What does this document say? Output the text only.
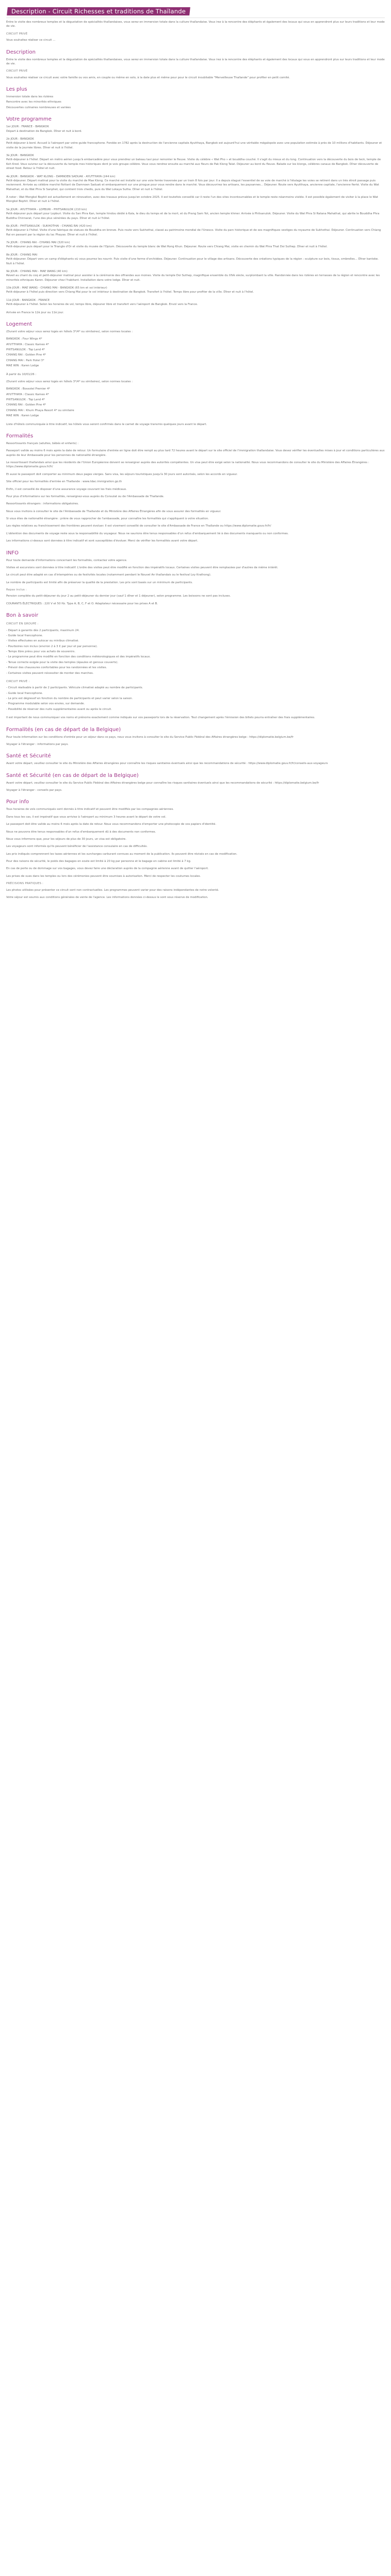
Description - Circuit Richesses et traditions de Thaïlande

Entre le visite des nombreux temples et la dégustation de spécialités thaïlandaises, vous serez en immersion totale dans la culture thaïlandaise. Vous irez à la rencontre des éléphants et également des locaux qui vous en apprendront plus sur leurs traditions et leur mode de vie.

CIRCUIT PRIVÉ

Vous souhaitez réaliser ce circuit ...

Description

Entre le visite des nombreux temples et la dégustation de spécialités thaïlandaises, vous serez en immersion totale dans la culture thaïlandaise. Vous irez à la rencontre des éléphants et également des locaux qui vous en apprendront plus sur leurs traditions et leur mode de vie.

CIRCUIT PRIVÉ

Vous souhaitez réaliser ce circuit avec votre famille ou vos amis, en couple ou même en solo, à la date plus et même pour pour le circuit inoubliable "Merveilleuse Thaïlande" pour profiter en petit comité.

Les plus
Immersion totale dans les rizières
Rencontre avec les minorités ethniques
Découvertes culinaires nombreuses et variées
Votre programme
1er JOUR : FRANCE - BANGKOK
Départ à destination de Bangkok. Dîner et nuit à bord.
2è JOUR : BANGKOK
Petit-déjeuner à bord. Accueil à l'aéroport par votre guide francophone. Fondée en 1782 après la destruction de l'ancienne capitale Ayutthaya, Bangkok est aujourd'hui une véritable mégalopole avec une population estimée à près de 10 millions d'habitants. Déjeuner et visite de la journée libres. Dîner et nuit à l'hôtel.
3è JOUR : BANGKOK
Petit-déjeuner à l'hôtel. Départ en métro aérien jusqu'à embarcadère pour vous prendrez un bateau taxi pour remonter le fleuve. Visite du célèbre « Wat Pho » et bouddha couché. Il s'agit du mieux et du long. Continuation vers la découverte du bois de teck, temple de Koh Kred. Vous suivrez sur la découverte du temple mes historiques dont je vois groupe célèbre. Vous vous rendrez ensuite au marché aux fleurs de Pak Klong Talat. Déjeuner au bord du fleuve. Balade sur les klongs, célèbres canaux de Bangkok. Dîner découverte de street food. Retour à l'hôtel et nuit.
4è JOUR : BANGKOK - WAT KLONG - DAMNOEN SADUAK - AYUTTHAYA (244 km)
Petit-déjeuner. Départ matinal pour la visite du marché de Mae Klong. Ce marché est installé sur une voie ferrée traversée par un train 8 fois par jour. Il a depuis élagué l'essentiel de sa voie de marché à l'étalage les voies se retirent dans un très étroit passage puis reviennent. Arrivée au célèbre marché flottant de Damnoen Saduak et embarquement sur une pirogue pour vous rendre dans le marché. Vous découvrirez les artisans, les paysannes... Déjeuner. Route vers Ayutthaya, ancienne capitale, l'ancienne fierté. Visite du Wat Mahathat, et du Wat Phra Si Sanphet, qui contient trois chedis, puis du Wat Lokaya Sutha. Dîner et nuit à l'hôtel.
À noter : Wat Mongkol Bophit est actuellement en rénovation, avec des travaux prévus jusqu'en octobre 2025. Il est toutefois conseillé car il reste l'un des sites incontournables et le temple reste néanmoins visible. Il est possible également de visiter à la place le Wat Mongkol Bophit. Dîner et nuit à l'hôtel.
5è JOUR : AYUTTHAYA - LOPBURI - PHITSANULOK (210 km)
Petit-déjeuner puis départ pour Lopburi. Visite du San Phra Kan, temple hindou dédié à Kala, le dieu du temps et de la mort, et du Prang Sam Yot, ancien temple khmer. Arrivée à Phitsanulok. Déjeuner. Visite du Wat Phra Si Ratana Mahathat, qui abrite le Bouddha Phra Buddha Chinnarat, l'une des plus vénérées du pays. Dîner et nuit à l'hôtel.
6è JOUR : PHITSANULOK - SUKHOTHAI - CHIANG RAI (420 km)
Petit-déjeuner à l'hôtel. Visite d'une fabrique de statues de Bouddha en bronze. Puis route vers Sukhothai, classé au patrimoine mondial de l'Unesco. Visite du parc historique et de ses magnifiques vestiges du royaume de Sukhothai. Déjeuner. Continuation vers Chiang Rai en passant par la région du lac Phayao. Dîner et nuit à l'hôtel.
7è JOUR : CHIANG RAI - CHIANG MAI (320 km)
Petit-déjeuner puis départ pour le Triangle d'Or et visite du musée de l'Opium. Découverte du temple blanc de Wat Rong Khun. Déjeuner. Route vers Chiang Mai, visite en chemin du Wat Phra That Doi Suthep. Dîner et nuit à l'hôtel.
8è JOUR : CHIANG MAI
Petit-déjeuner. Départ vers un camp d'éléphants où vous pourrez les nourrir. Puis visite d'une ferme d'orchidées. Déjeuner. Continuation pour le village des artisans. Découverte des créations typiques de la région : sculpture sur bois, tissus, ombrelles... Dîner kantoke. Nuit à l'hôtel.
9è JOUR : CHIANG MAI - MAE WANG (40 km)
Réveil au chant du coq et petit-déjeuner matinal pour assister à la cérémonie des offrandes aux moines. Visite du temple Doi Suthep, magnifique ensemble du XIVè siècle, surplombant la ville. Randonnée dans les rizières en terrasses de la région et rencontre avec les minorités ethniques Karen. Déjeuner chez l'habitant. Installation dans votre lodge. Dîner et nuit.
10è JOUR : MAE WANG - CHIANG MAI - BANGKOK (65 km et vol intérieur)
Petit-déjeuner à l'hôtel puis direction vers Chiang Mai pour le vol intérieur à destination de Bangkok. Transfert à l'hôtel. Temps libre pour profiter de la ville. Dîner et nuit à l'hôtel.
11è JOUR : BANGKOK - FRANCE
Petit-déjeuner à l'hôtel. Selon les horaires de vol, temps libre, déjeuner libre et transfert vers l'aéroport de Bangkok. Envol vers la France.
Arrivée en France le 12è jour ou 11è jour.
Logement

(Durant votre séjour vous serez logés en hôtels 3*/4* ou similaires), selon normes locales :

BANGKOK : Four Wings 4*
AYUTTHAYA : Classic Kameo 4*
PHITSANULOK : Top Land 4*
CHIANG RAI : Golden Pine 4*
CHIANG MAI : Park Hotel 3*
MAE WIN : Karen Lodge

À partir du 10/01/26 :

(Durant votre séjour vous serez logés en hôtels 3*/4* ou similaires), selon normes locales :

BANGKOK : Bossotel Premier 4*
AYUTTHAYA : Classic Kameo 4*
PHITSANULOK : Top Land 4*
CHIANG RAI : Golden Pine 4*
CHIANG MAI : Khum Phaya Resort 4* ou similaire
MAE WIN : Karen Lodge

Liste d'hôtels communiquée à titre indicatif, les hôtels vous seront confirmés dans le carnet de voyage transmis quelques jours avant le départ.

Formalités

Ressortissants français (adultes, bébés et enfants) :

Passeport valide au moins 6 mois après la date de retour. Un formulaire d'entrée en ligne doit être rempli au plus tard 72 heures avant le départ sur le site officiel de l'immigration thaïlandaise. Vous devez vérifier les éventuelles mises à jour et conditions particulières aux auprès de leur Ambassade pour les personnes de nationalité étrangère.

Le ressortissant thaïlandais ainsi que les résidents de l'Union Européenne doivent se renseigner auprès des autorités compétentes. Un visa peut être exigé selon la nationalité. Nous vous recommandons de consulter le site du Ministère des Affaires Étrangères : https://www.diplomatie.gouv.fr/fr/

Et aussi le passeport doit comporter au minimum deux pages vierges. Sans visa, les séjours touristiques jusqu'à 30 jours sont autorisés, selon les accords en vigueur.

Site officiel pour les formalités d'entrée en Thaïlande : www.tdac.immigration.go.th

Enfin, il est conseillé de disposer d'une assurance voyage couvrant les frais médicaux.

Pour plus d'informations sur les formalités, renseignez-vous auprès du Consulat ou de l'Ambassade de Thaïlande.

Ressortissants étrangers : informations obligatoires.

Nous vous invitons à consulter le site de l'Ambassade de Thaïlande et du Ministère des Affaires Étrangères afin de vous assurer des formalités en vigueur.

Si vous êtes de nationalité étrangère : prière de vous rapprocher de l'ambassade, pour connaître les formalités qui s'appliquent à votre situation.

Les règles relatives au franchissement des frontières peuvent évoluer. Il est vivement conseillé de consulter le site d'Ambassade de France en Thaïlande ou https://www.diplomatie.gouv.fr/fr/

L'obtention des documents de voyage reste sous la responsabilité du voyageur. Nous ne saurions être tenus responsables d'un refus d'embarquement lié à des documents manquants ou non conformes.

Les informations ci-dessus sont données à titre indicatif et sont susceptibles d'évoluer. Merci de vérifier les formalités avant votre départ.

INFO

Pour toute demande d'informations concernant les formalités, contactez votre agence.

Visites et excursions sont données à titre indicatif. L'ordre des visites peut être modifié en fonction des impératifs locaux. Certaines visites peuvent être remplacées par d'autres de même intérêt.

Le circuit peut être adapté en cas d'intempéries ou de festivités locales (notamment pendant le Nouvel An thaïlandais ou le festival Loy Krathong).

Le nombre de participants est limité afin de préserver la qualité de la prestation. Les prix sont basés sur un minimum de participants.

Repas inclus :

Pension complète du petit-déjeuner du jour 2 au petit-déjeuner du dernier jour (sauf 1 dîner et 1 déjeuner), selon programme. Les boissons ne sont pas incluses.

COURANTS ÉLECTRIQUES : 220 V et 50 Hz. Type A, B, C, F et O. Adaptateur nécessaire pour les prises A et B.

Bon à savoir
CIRCUIT EN GROUPE :
- Départ à garantis dès 2 participants, maximum 24.
- Guide local francophone.
- Visites effectuées en autocar ou minibus climatisé.
- Pourboires non inclus (environ 2 à 3 € par jour et par personne).
- Temps libre prévu pour vos achats de souvenirs.
- Le programme peut être modifié en fonction des conditions météorologiques et des impératifs locaux.
- Tenue correcte exigée pour la visite des temples (épaules et genoux couverts).
- Prévoir des chaussures confortables pour les randonnées et les visites.
- Certaines visites peuvent nécessiter de monter des marches.
CIRCUIT PRIVÉ :
- Circuit réalisable à partir de 2 participants. Véhicule climatisé adapté au nombre de participants.
- Guide local francophone.
- Le prix est dégressif en fonction du nombre de participants et peut varier selon la saison.
- Programme modulable selon vos envies, sur demande.
- Possibilité de réserver des nuits supplémentaires avant ou après le circuit.

Il est important de nous communiquer vos noms et prénoms exactement comme indiqués sur vos passeports lors de la réservation. Tout changement après l'émission des billets pourra entraîner des frais supplémentaires.

Formalités (en cas de départ de la Belgique)

Pour toute information sur les conditions d'entrée pour un séjour dans ce pays, nous vous invitons à consulter le site du Service Public Fédéral des Affaires étrangères belge : https://diplomatie.belgium.be/fr

Voyager à l'étranger : informations par pays.

Santé et Sécurité

Avant votre départ, veuillez consulter le site du Ministère des Affaires étrangères pour connaître les risques sanitaires éventuels ainsi que les recommandations de sécurité : https://www.diplomatie.gouv.fr/fr/conseils-aux-voyageurs

Santé et Sécurité (en cas de départ de la Belgique)

Avant votre départ, veuillez consulter le site du Service Public Fédéral des Affaires étrangères belge pour connaître les risques sanitaires éventuels ainsi que les recommandations de sécurité : https://diplomatie.belgium.be/fr

Voyager à l'étranger : conseils par pays.

Pour info

Tous horaires de vols communiqués sont donnés à titre indicatif et peuvent être modifiés par les compagnies aériennes.

Dans tous les cas, il est impératif que vous arriviez à l'aéroport au minimum 3 heures avant le départ de votre vol.

Le passeport doit être valide au moins 6 mois après la date de retour. Nous vous recommandons d'emporter une photocopie de vos papiers d'identité.

Nous ne pouvons être tenus responsables d'un refus d'embarquement dû à des documents non conformes.

Nous vous informons que, pour les séjours de plus de 30 jours, un visa est obligatoire.

Les voyageurs sont informés qu'ils peuvent bénéficier de l'assistance consulaire en cas de difficultés.

Les prix indiqués comprennent les taxes aériennes et les surcharges carburant connues au moment de la publication. Ils peuvent être révisés en cas de modification.

Pour des raisons de sécurité, le poids des bagages en soute est limité à 20 kg par personne et le bagage en cabine est limité à 7 kg.

En cas de perte ou de dommage sur vos bagages, vous devez faire une déclaration auprès de la compagnie aérienne avant de quitter l'aéroport.

Les prises de vues dans les temples ou lors des cérémonies peuvent être soumises à autorisation. Merci de respecter les coutumes locales.

PRÉCISIONS PRATIQUES :

Les photos utilisées pour présenter ce circuit sont non contractuelles. Les programmes peuvent varier pour des raisons indépendantes de notre volonté.

Votre séjour est soumis aux conditions générales de vente de l'agence. Les informations données ci-dessus le sont sous réserve de modification.
